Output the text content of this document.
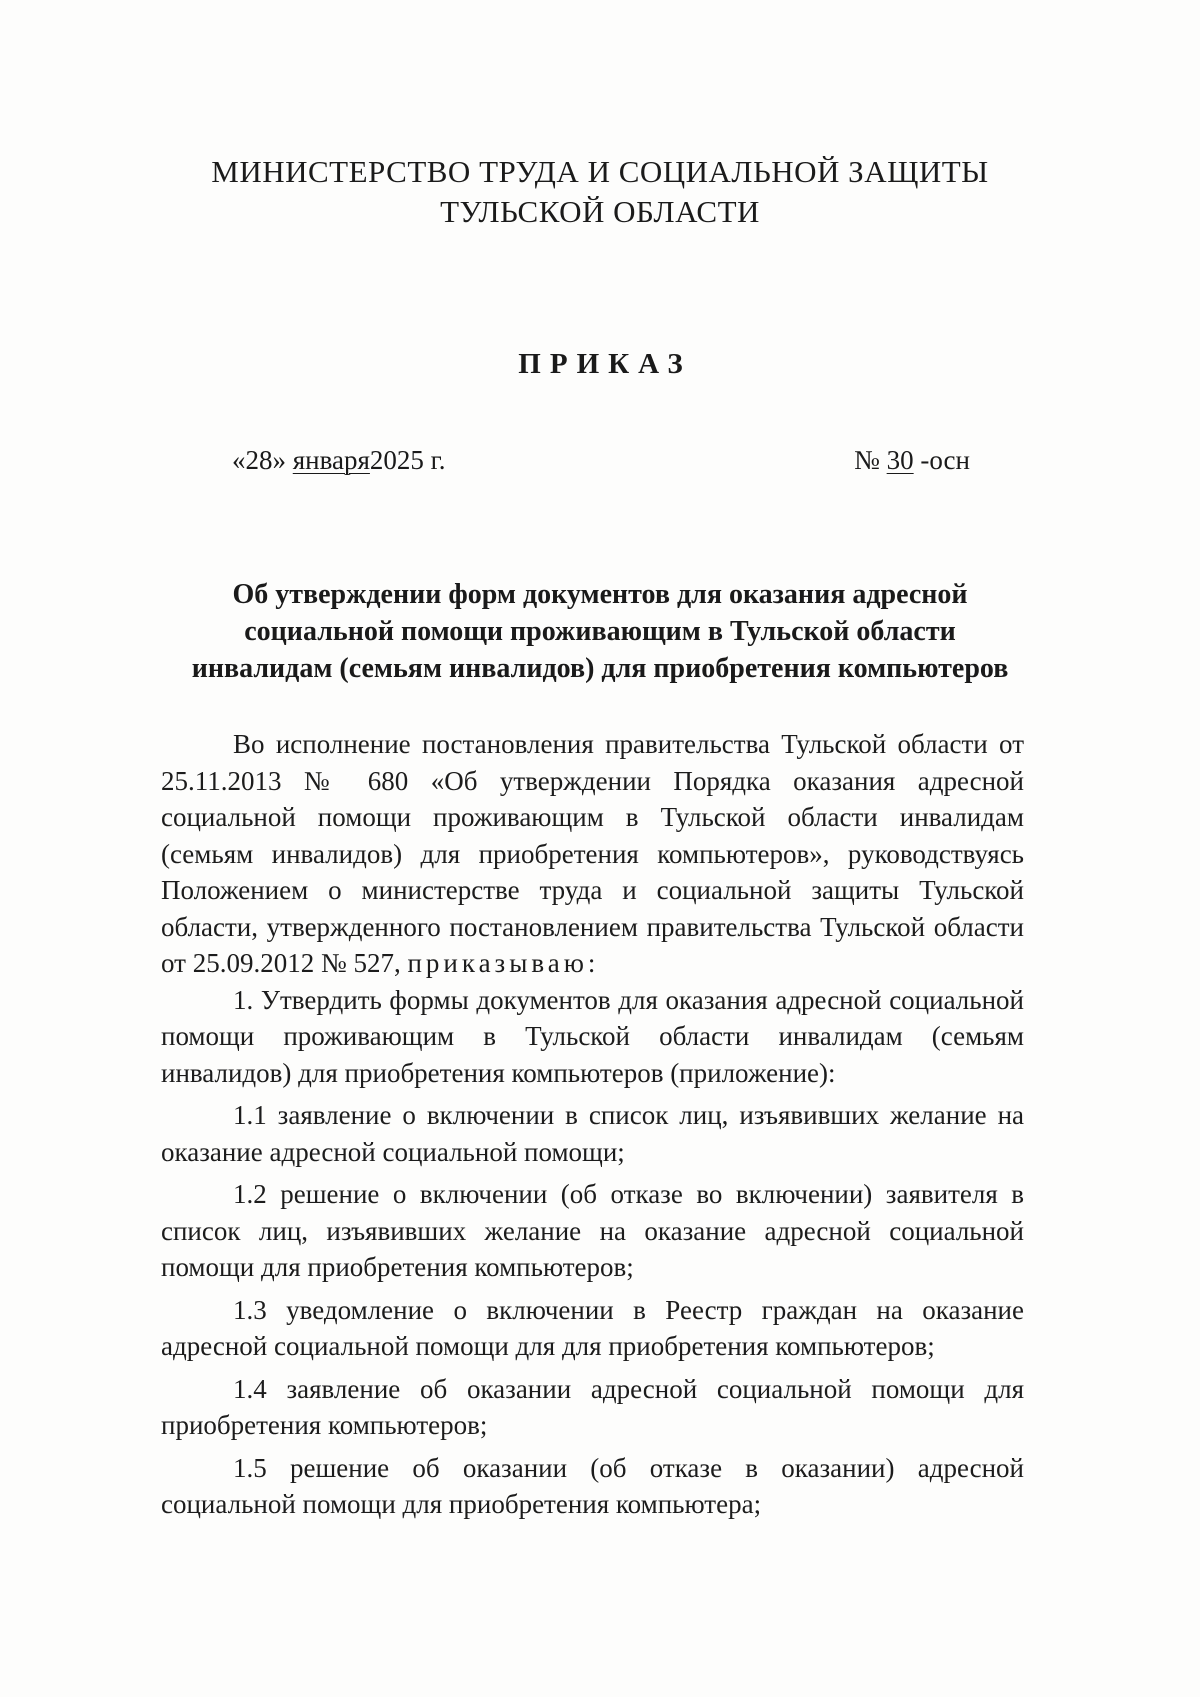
МИНИСТЕРСТВО ТРУДА И СОЦИАЛЬНОЙ ЗАЩИТЫ
ТУЛЬСКОЙ ОБЛАСТИ
ПРИКАЗ
«28» января2025 г.	№ 30 -осн
Об утверждении форм документов для оказания адресной
социальной помощи проживающим в Тульской области
инвалидам (семьям инвалидов) для приобретения компьютеров

Во исполнение постановления правительства Тульской области от 25.11.2013 № 680 «Об утверждении Порядка оказания адресной социальной помощи проживающим в Тульской области инвалидам (семьям инвалидов) для приобретения компьютеров», руководствуясь Положением о министерстве труда и социальной защиты Тульской области, утвержденного постановлением правительства Тульской области от 25.09.2012 № 527, приказываю:

1. Утвердить формы документов для оказания адресной социальной помощи проживающим в Тульской области инвалидам (семьям инвалидов) для приобретения компьютеров (приложение):

1.1 заявление о включении в список лиц, изъявивших желание на оказание адресной социальной помощи;

1.2 решение о включении (об отказе во включении) заявителя в список лиц, изъявивших желание на оказание адресной социальной помощи для приобретения компьютеров;

1.3 уведомление о включении в Реестр граждан на оказание адресной социальной помощи для для приобретения компьютеров;

1.4 заявление об оказании адресной социальной помощи для приобретения компьютеров;

1.5 решение об оказании (об отказе в оказании) адресной социальной помощи для приобретения компьютера;
